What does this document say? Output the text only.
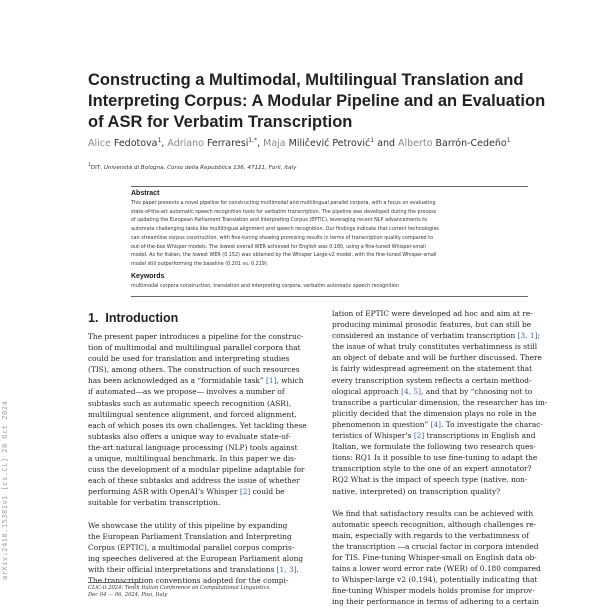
arXiv:2410.15381v1 [cs.CL] 20 Oct 2024
Constructing a Multimodal, Multilingual Translation and
Interpreting Corpus: A Modular Pipeline and an Evaluation
of ASR for Verbatim Transcription
Alice Fedotova$^1$, Adriano Ferraresi$^{1,*}$, Maja Miličević Petrović$^1$ and Alberto Barrón-Cedeño$^1$
$^1$DIT, Università di Bologna, Corso della Repubblica 136, 47121, Forlì, Italy
Abstract
This paper presents a novel pipeline for constructing multimodal and multilingual parallel corpora, with a focus on evaluating
state-of-the-art automatic speech recognition tools for verbatim transcription. The pipeline was developed during the process
of updating the European Parliament Translation and Interpreting Corpus (EPTIC), leveraging recent NLP advancements to
automate challenging tasks like multilingual alignment and speech recognition. Our findings indicate that current technologies
can streamline corpus construction, with fine-tuning showing promising results in terms of transcription quality compared to
out-of-the-box Whisper models. The lowest overall WER achieved for English was 0.180, using a fine-tuned Whisper-small
model. As for Italian, the lowest WER (0.152) was obtained by the Whisper Large-v2 model, with the fine-tuned Whisper-small
model still outperforming the baseline (0.201 vs. 0.219).
Keywords
multimodal corpora construction, translation and interpreting corpora, verbatim automatic speech recognition
1. Introduction
The present paper introduces a pipeline for the construc-
tion of multimodal and multilingual parallel corpora that
could be used for translation and interpreting studies
(TIS), among others. The construction of such resources
has been acknowledged as a “formidable task” [1], which
if automated—as we propose— involves a number of
subtasks such as automatic speech recognition (ASR),
multilingual sentence alignment, and forced alignment,
each of which poses its own challenges. Yet tackling these
subtasks also offers a unique way to evaluate state-of-
the-art natural language processing (NLP) tools against
a unique, multilingual benchmark. In this paper we dis-
cuss the development of a modular pipeline adaptable for
each of these subtasks and address the issue of whether
performing ASR with OpenAI’s Whisper [2] could be
suitable for verbatim transcription.

We showcase the utility of this pipeline by expanding
the European Parliament Translation and Interpreting
Corpus (EPTIC), a multimodal parallel corpus compris-
ing speeches delivered at the European Parliament along
with their official interpretations and translations [1, 3].
The transcription conventions adopted for the compi-
lation of EPTIC were developed ad hoc and aim at re-
producing minimal prosodic features, but can still be
considered an instance of verbatim transcription [3, 1];
the issue of what truly constitutes verbatimness is still
an object of debate and will be further discussed. There
is fairly widespread agreement on the statement that
every transcription system reflects a certain method-
ological approach [4, 5], and that by “choosing not to
transcribe a particular dimension, the researcher has im-
plicitly decided that the dimension plays no role in the
phenomenon in question” [4]. To investigate the charac-
teristics of Whisper’s [2] transcriptions in English and
Italian, we formulate the following two research ques-
tions: RQ1 Is it possible to use fine-tuning to adapt the
transcription style to the one of an expert annotator?
RQ2 What is the impact of speech type (native, non-
native, interpreted) on transcription quality?

We find that satisfactory results can be achieved with
automatic speech recognition, although challenges re-
main, especially with regards to the verbatimness of
the transcription —a crucial factor in corpora intended
for TIS. Fine-tuning Whisper-small on English data ob-
tains a lower word error rate (WER) of 0.180 compared
to Whisper-large v2 (0.194), potentially indicating that
fine-tuning Whisper models holds promise for improv-
ing their performance in terms of adhering to a certain
CLiC-it 2024: Tenth Italian Conference on Computational Linguistics,
Dec 04 — 06, 2024, Pisa, Italy
